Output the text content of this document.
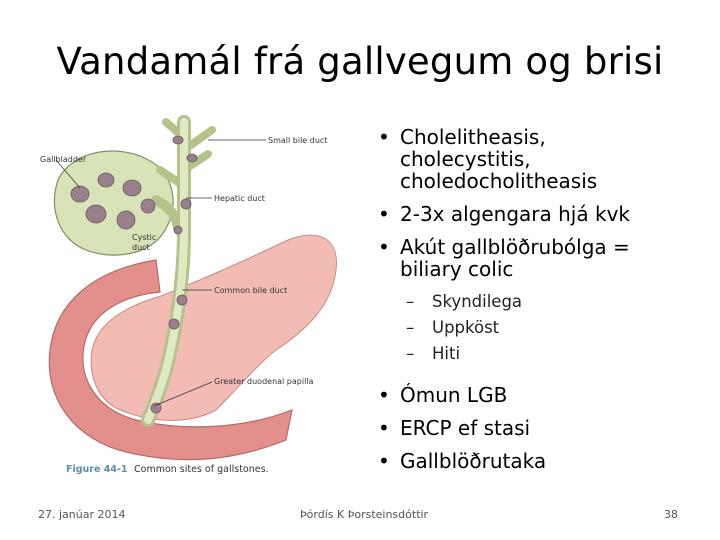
Vandamál frá gallvegum og brisi
Small bile duct
Gallbladder
Hepatic duct
Cystic
duct
Common bile duct
Greater duodenal papilla
Figure 44-1 Common sites of gallstones.
• Cholelitheasis,
cholecystitis,
choledocholitheasis
• 2-3x algengara hjá kvk
• Akút gallblöðrubólga =
biliary colic
– Skyndilega
– Uppköst
– Hiti
• Ómun LGB
• ERCP ef stasi
• Gallblöðrutaka
27. janúar 2014	Þórdís K Þorsteinsdóttir	38
